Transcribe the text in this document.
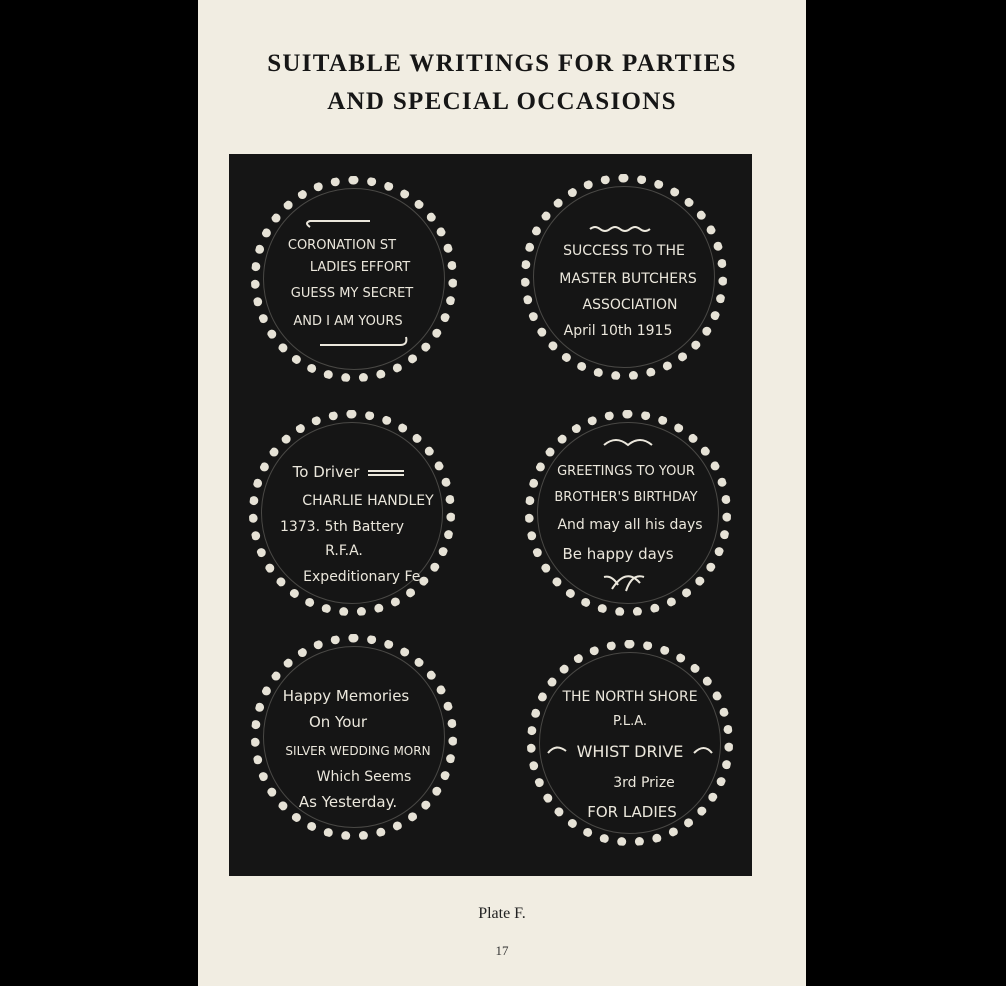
SUITABLE WRITINGS FOR PARTIES
AND SPECIAL OCCASIONS
CORONATION ST
LADIES EFFORT
GUESS MY SECRET
AND I AM YOURS
SUCCESS TO THE
MASTER BUTCHERS
ASSOCIATION
April 10th 1915
To Driver
CHARLIE HANDLEY
1373. 5th Battery
R.F.A.
Expeditionary Fe.
GREETINGS TO YOUR
BROTHER'S BIRTHDAY
And may all his days
Be happy days
Happy Memories
On Your
SILVER WEDDING MORN
Which Seems
As Yesterday.
THE NORTH SHORE
P.L.A.
WHIST DRIVE
3rd Prize
FOR LADIES
Plate F.
17
